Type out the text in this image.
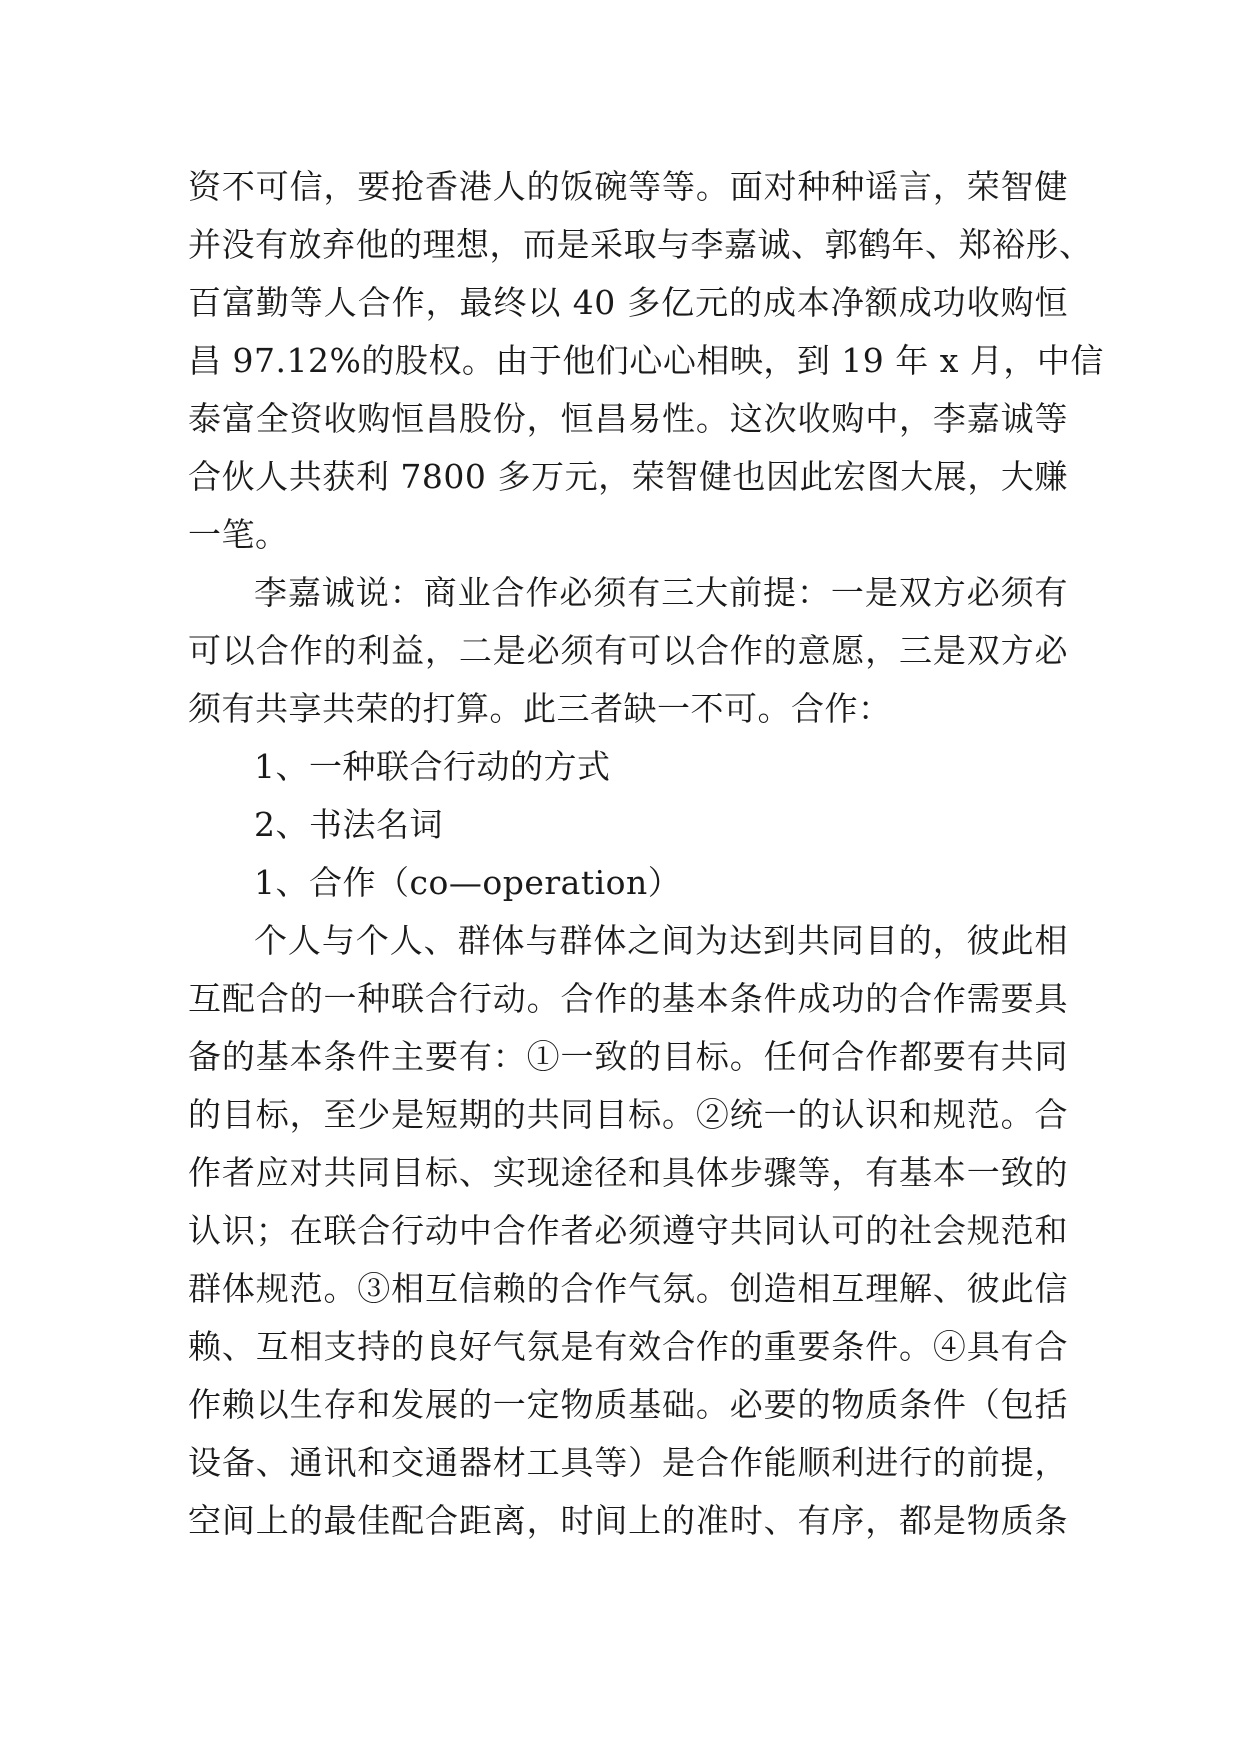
资不可信，要抢香港人的饭碗等等。面对种种谣言，荣智健
并没有放弃他的理想，而是采取与李嘉诚、郭鹤年、郑裕彤、
百富勤等人合作，最终以 40 多亿元的成本净额成功收购恒
昌 97.12%的股权。由于他们心心相映，到 19 年 x 月，中信
泰富全资收购恒昌股份，恒昌易性。这次收购中，李嘉诚等
合伙人共获利 7800 多万元，荣智健也因此宏图大展，大赚
一笔。
李嘉诚说：商业合作必须有三大前提：一是双方必须有
可以合作的利益，二是必须有可以合作的意愿，三是双方必
须有共享共荣的打算。此三者缺一不可。合作：
1、一种联合行动的方式
2、书法名词
1、合作（co—operation）
个人与个人、群体与群体之间为达到共同目的，彼此相
互配合的一种联合行动。合作的基本条件成功的合作需要具
备的基本条件主要有：①一致的目标。任何合作都要有共同
的目标，至少是短期的共同目标。②统一的认识和规范。合
作者应对共同目标、实现途径和具体步骤等，有基本一致的
认识；在联合行动中合作者必须遵守共同认可的社会规范和
群体规范。③相互信赖的合作气氛。创造相互理解、彼此信
赖、互相支持的良好气氛是有效合作的重要条件。④具有合
作赖以生存和发展的一定物质基础。必要的物质条件（包括
设备、通讯和交通器材工具等）是合作能顺利进行的前提，
空间上的最佳配合距离，时间上的准时、有序，都是物质条
